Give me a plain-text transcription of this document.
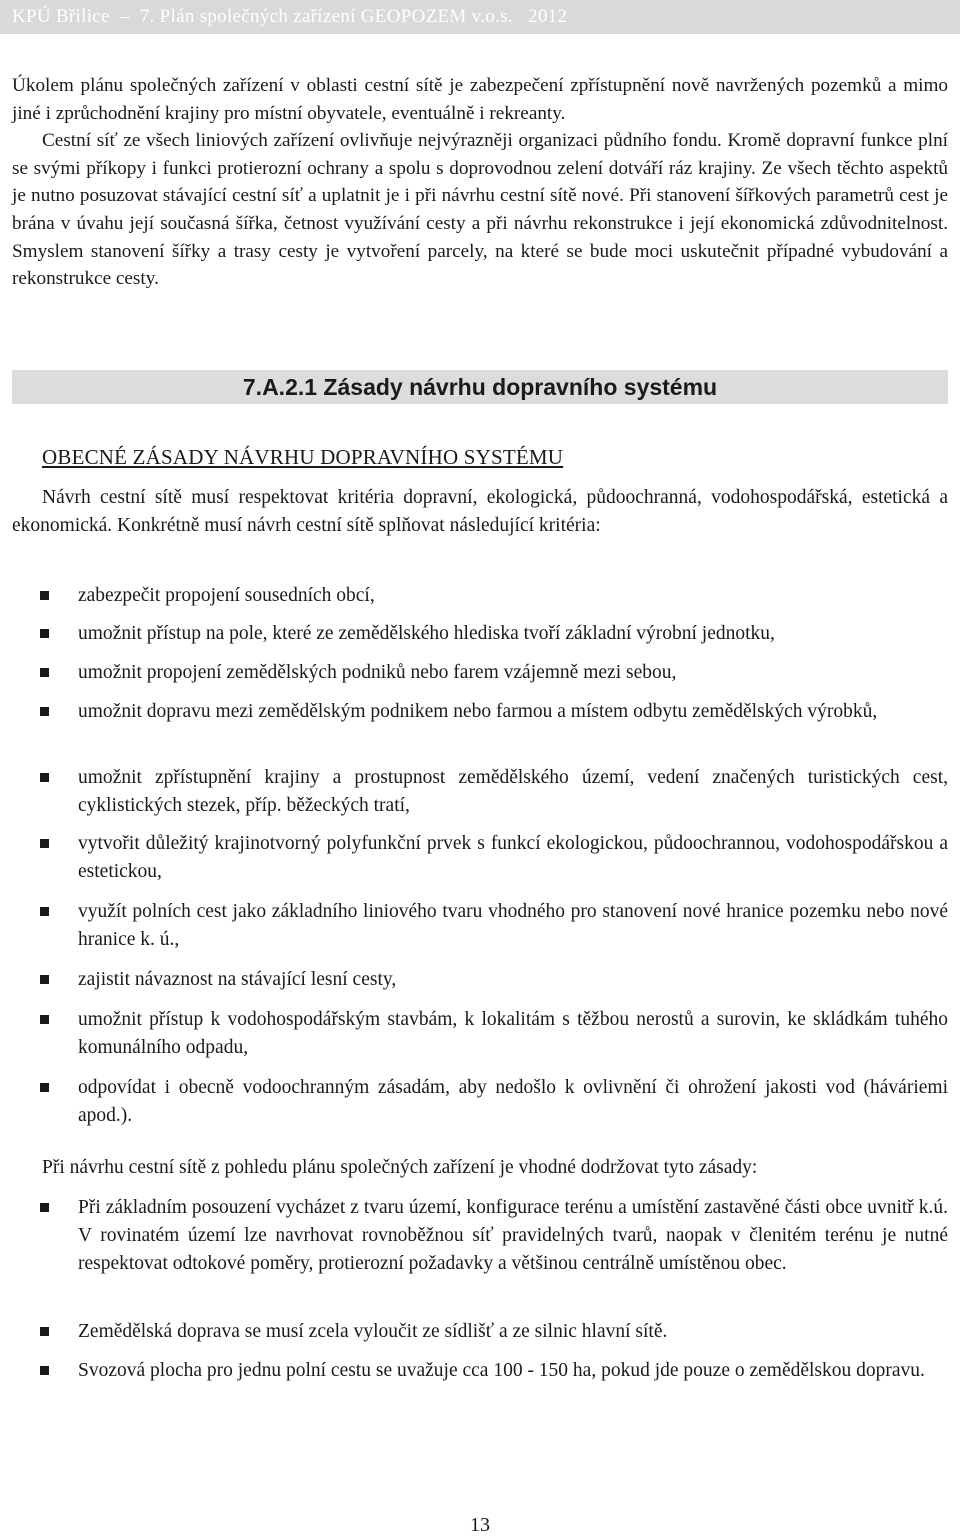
KPÚ Břilice  –  7. Plán společných zařízení GEOPOZEM v.o.s.   2012

Úkolem plánu společných zařízení v oblasti cestní sítě je zabezpečení zpřístupnění nově navržených pozemků a mimo jiné i zprůchodnění krajiny pro místní obyvatele, eventuálně i rekreanty.

Cestní síť ze všech liniových zařízení ovlivňuje nejvýrazněji organizaci půdního fondu. Kromě dopravní funkce plní se svými příkopy i funkci protierozní ochrany a spolu s doprovodnou zelení dotváří ráz krajiny. Ze všech těchto aspektů je nutno posuzovat stávající cestní síť a uplatnit je i při návrhu cestní sítě nové. Při stanovení šířkových parametrů cest je brána v úvahu její současná šířka, četnost využívání cesty a při návrhu rekonstrukce i její ekonomická zdůvodnitelnost. Smyslem stanovení šířky a trasy cesty je vytvoření parcely, na které se bude moci uskutečnit případné vybudování a rekonstrukce cesty.

7.A.2.1 Zásady návrhu dopravního systému
OBECNÉ ZÁSADY NÁVRHU DOPRAVNÍHO SYSTÉMU

Návrh cestní sítě musí respektovat kritéria dopravní, ekologická, půdoochranná, vodohospodářská, estetická a ekonomická. Konkrétně musí návrh cestní sítě splňovat následující kritéria:

zabezpečit propojení sousedních obcí,
umožnit přístup na pole, které ze zemědělského hlediska tvoří základní výrobní jednotku,
umožnit propojení zemědělských podniků nebo farem vzájemně mezi sebou,
umožnit dopravu mezi zemědělským podnikem nebo farmou a místem odbytu zemědělských výrobků,
umožnit zpřístupnění krajiny a prostupnost zemědělského území, vedení značených turistických cest, cyklistických stezek, příp. běžeckých tratí,
vytvořit důležitý krajinotvorný polyfunkční prvek s funkcí ekologickou, půdoochrannou, vodohospodářskou a estetickou,
využít polních cest jako základního liniového tvaru vhodného pro stanovení nové hranice pozemku nebo nové hranice k. ú.,
zajistit návaznost na stávající lesní cesty,
umožnit přístup k vodohospodářským stavbám, k lokalitám s těžbou nerostů a surovin, ke skládkám tuhého komunálního odpadu,
odpovídat i obecně vodoochranným zásadám, aby nedošlo k ovlivnění či ohrožení jakosti vod (háváriemi apod.).
Při návrhu cestní sítě z pohledu plánu společných zařízení je vhodné dodržovat tyto zásady:
Při základním posouzení vycházet z tvaru území, konfigurace terénu a umístění zastavěné části obce uvnitř k.ú. V rovinatém území lze navrhovat rovnoběžnou síť pravidelných tvarů, naopak v členitém terénu je nutné respektovat odtokové poměry, protierozní požadavky a většinou centrálně umístěnou obec.
Zemědělská doprava se musí zcela vyloučit ze sídlišť a ze silnic hlavní sítě.
Svozová plocha pro jednu polní cestu se uvažuje cca 100 - 150 ha, pokud jde pouze o zemědělskou dopravu.
13
